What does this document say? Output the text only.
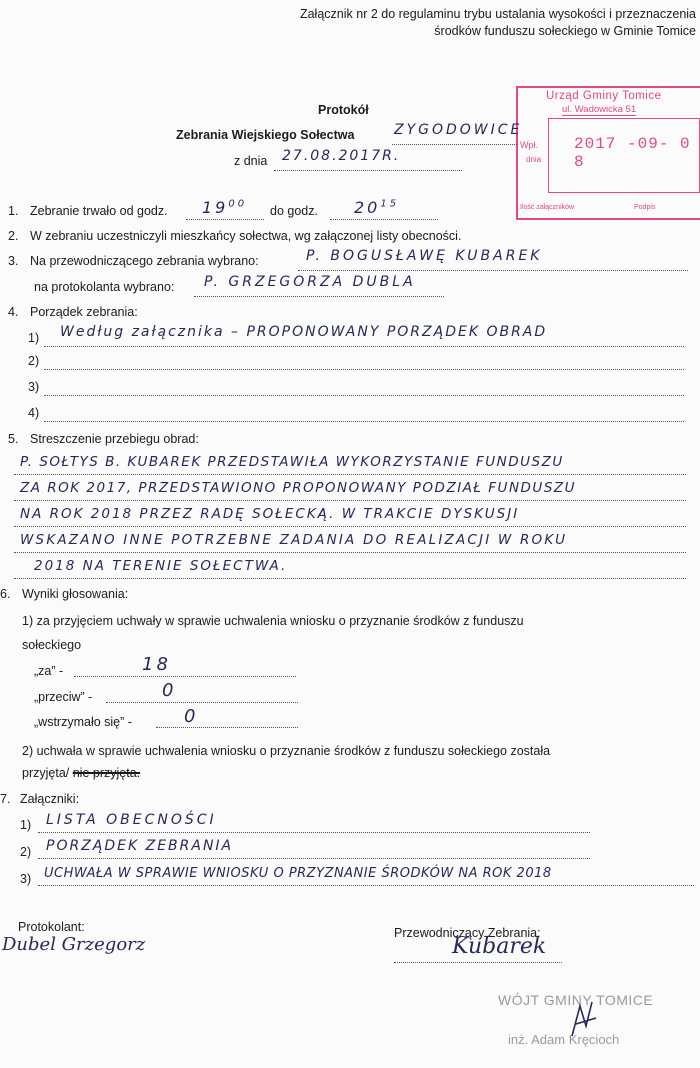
Załącznik nr 2 do regulaminu trybu ustalania wysokości i przeznaczenia
środków funduszu sołeckiego w Gminie Tomice
Urząd Gminy Tomice
ul. Wadowicka 51
Wpł.
dnia
2017 -09- 0 8
Ilość załączników	Podpis
Protokół
Zebrania Wiejskiego Sołectwa	ZYGODOWICE
z dnia 27.08.2017R.
1. Zebranie trwało od godz. $19^{00}$ do godz. $20^{15}$
2. W zebraniu uczestniczyli mieszkańcy sołectwa, wg załączonej listy obecności.
3. Na przewodniczącego zebrania wybrano:	P. BOGUSŁAWĘ KUBAREK
na protokolanta wybrano: P. GRZEGORZA DUBLA
4. Porządek zebrania:
1) Według załącznika – PROPONOWANY PORZĄDEK OBRAD
2)
3)
4)
5. Streszczenie przebiegu obrad:
P. SOŁTYS B. KUBAREK PRZEDSTAWIŁA WYKORZYSTANIE FUNDUSZU
ZA ROK 2017, PRZEDSTAWIONO PROPONOWANY PODZIAŁ FUNDUSZU
NA ROK 2018 PRZEZ RADĘ SOŁECKĄ. W TRAKCIE DYSKUSJI
WSKAZANO INNE POTRZEBNE ZADANIA DO REALIZACJI W ROKU
2018 NA TERENIE SOŁECTWA.
6. Wyniki głosowania:
1) za przyjęciem uchwały w sprawie uchwalenia wniosku o przyznanie środków z funduszu
sołeckiego
„za” -	18
„przeciw” -	0
„wstrzymało się” -	0
2) uchwała w sprawie uchwalenia wniosku o przyznanie środków z funduszu sołeckiego została
przyjęta/ nie przyjęta.
7. Załączniki:
1) LISTA OBECNOŚCI
2) PORZĄDEK ZEBRANIA
3) UCHWAŁA W SPRAWIE WNIOSKU O PRZYZNANIE ŚRODKÓW NA ROK 2018
Protokolant:
Dubel Grzegorz
Przewodniczący Zebrania:
Kubarek
WÓJT GMINY TOMICE
inż. Adam Kręcioch
